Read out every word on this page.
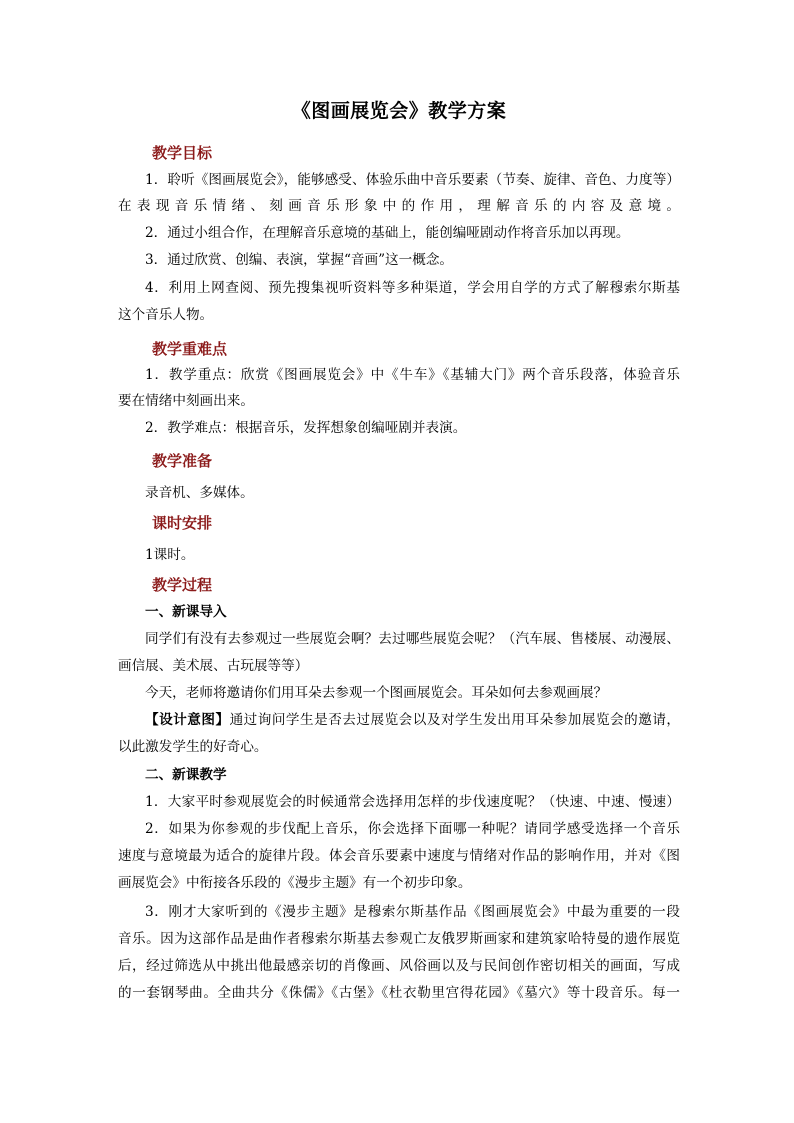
《图画展览会》教学方案
教学目标
1．聆听《图画展览会》，能够感受、体验乐曲中音乐要素（节奏、旋律、音色、力度等）
在表现音乐情绪、刻画音乐形象中的作用，理解音乐的内容及意境。
2．通过小组合作，在理解音乐意境的基础上，能创编哑剧动作将音乐加以再现。
3．通过欣赏、创编、表演，掌握“音画”这一概念。
4．利用上网查阅、预先搜集视听资料等多种渠道，学会用自学的方式了解穆索尔斯基
这个音乐人物。
教学重难点
1．教学重点：欣赏《图画展览会》中《牛车》《基辅大门》两个音乐段落，体验音乐
要在情绪中刻画出来。
2．教学难点：根据音乐，发挥想象创编哑剧并表演。
教学准备
录音机、多媒体。
课时安排
1课时。
教学过程
一、新课导入
同学们有没有去参观过一些展览会啊？去过哪些展览会呢？（汽车展、售楼展、动漫展、
画信展、美术展、古玩展等等）
今天，老师将邀请你们用耳朵去参观一个图画展览会。耳朵如何去参观画展？
【设计意图】通过询问学生是否去过展览会以及对学生发出用耳朵参加展览会的邀请，
以此激发学生的好奇心。
二、新课教学
1．大家平时参观展览会的时候通常会选择用怎样的步伐速度呢？（快速、中速、慢速）
2．如果为你参观的步伐配上音乐，你会选择下面哪一种呢？请同学感受选择一个音乐
速度与意境最为适合的旋律片段。体会音乐要素中速度与情绪对作品的影响作用，并对《图
画展览会》中衔接各乐段的《漫步主题》有一个初步印象。
3．刚才大家听到的《漫步主题》是穆索尔斯基作品《图画展览会》中最为重要的一段
音乐。因为这部作品是曲作者穆索尔斯基去参观亡友俄罗斯画家和建筑家哈特曼的遗作展览
后，经过筛选从中挑出他最感亲切的肖像画、风俗画以及与民间创作密切相关的画面，写成
的一套钢琴曲。全曲共分《侏儒》《古堡》《杜衣勒里宫得花园》《墓穴》等十段音乐。每一
